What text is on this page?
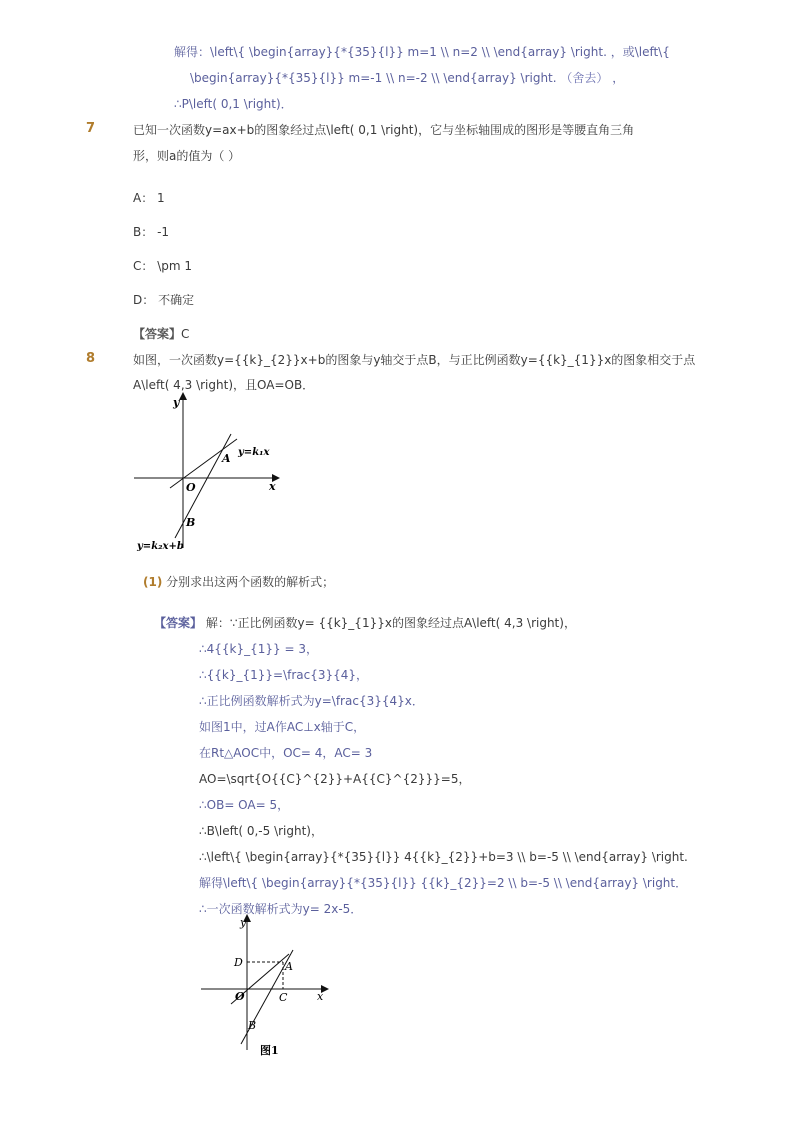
解得：\left\{ \begin{array}{*{35}{l}} m=1 \\ n=2 \\ \end{array} \right. ，或\left\{
\begin{array}{*{35}{l}} m=-1 \\ n=-2 \\ \end{array} \right. （舍去） ，
∴P\left( 0,1 \right)．
7	已知一次函数y=ax+b的图象经过点\left( 0,1 \right)，它与坐标轴围成的图形是等腰直角三角
形，则a的值为（ ）
A： 1
B： -1
C： \pm 1
D： 不确定
【答案】C
8	如图，一次函数y={{k}_{2}}x+b的图象与y轴交于点B，与正比例函数y={{k}_{1}}x的图象相交于点
A\left( 4,3 \right)，且OA=OB．
y
x
O
A
B
y=k₁x
y=k₂x+b
(1) 分别求出这两个函数的解析式；
【答案】 解：∵正比例函数y= {{k}_{1}}x的图象经过点A\left( 4,3 \right)，
∴4{{k}_{1}} = 3，
∴{{k}_{1}}=\frac{3}{4}，
∴正比例函数解析式为y=\frac{3}{4}x．
如图1中，过A作AC⊥x轴于C，
在Rt△AOC中，OC= 4，AC= 3
AO=\sqrt{O{{C}^{2}}+A{{C}^{2}}}=5，
∴OB= OA= 5，
∴B\left( 0,-5 \right)，
∴\left\{ \begin{array}{*{35}{l}} 4{{k}_{2}}+b=3 \\ b=-5 \\ \end{array} \right.
解得\left\{ \begin{array}{*{35}{l}} {{k}_{2}}=2 \\ b=-5 \\ \end{array} \right．
∴一次函数解析式为y= 2x-5．
y
x
O
A
B
C
D
图1
